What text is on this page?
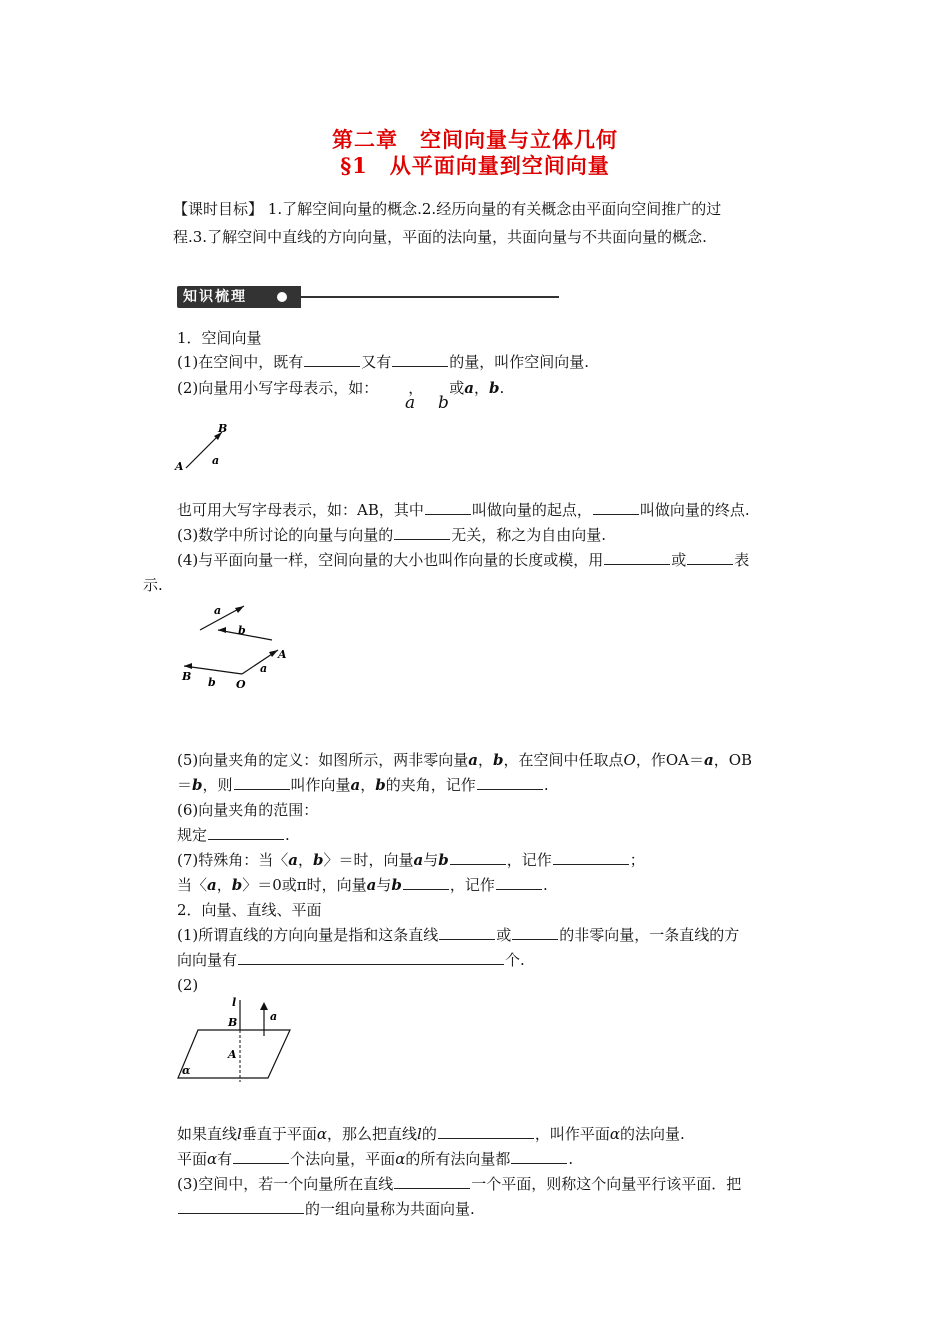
第二章　空间向量与立体几何
§1　从平面向量到空间向量
【课时目标】 1.了解空间向量的概念.2.经历向量的有关概念由平面向空间推广的过
程.3.了解空间中直线的方向向量，平面的法向量，共面向量与不共面向量的概念.
知识梳理
1．空间向量
(1)在空间中，既有	又有	的量，叫作空间向量.
(2)向量用小写字母表示，如： ， 或a，b.
a b
B
a
A
也可用大写字母表示，如：AB，其中	叫做向量的起点，	叫做向量的终点.
(3)数学中所讨论的向量与向量的	无关，称之为自由向量.
(4)与平面向量一样，空间向量的大小也叫作向量的长度或模，用	或	表
示.
a
b
A
a
B b O
(5)向量夹角的定义：如图所示，两非零向量a，b，在空间中任取点O，作OA＝a，OB
＝b，则	叫作向量a，b的夹角，记作	.
(6)向量夹角的范围：
规定	.
(7)特殊角：当〈a，b〉＝时，向量a与b	，记作	；
当〈a，b〉＝0或π时，向量a与b	，记作	.
2．向量、直线、平面
(1)所谓直线的方向向量是指和这条直线	或	的非零向量，一条直线的方
向向量有	个.
(2)
l
B	a
A
α
如果直线l垂直于平面α，那么把直线l的	，叫作平面α的法向量.
平面α有	个法向量，平面α的所有法向量都	.
(3)空间中，若一个向量所在直线	一个平面，则称这个向量平行该平面．把
的一组向量称为共面向量.
